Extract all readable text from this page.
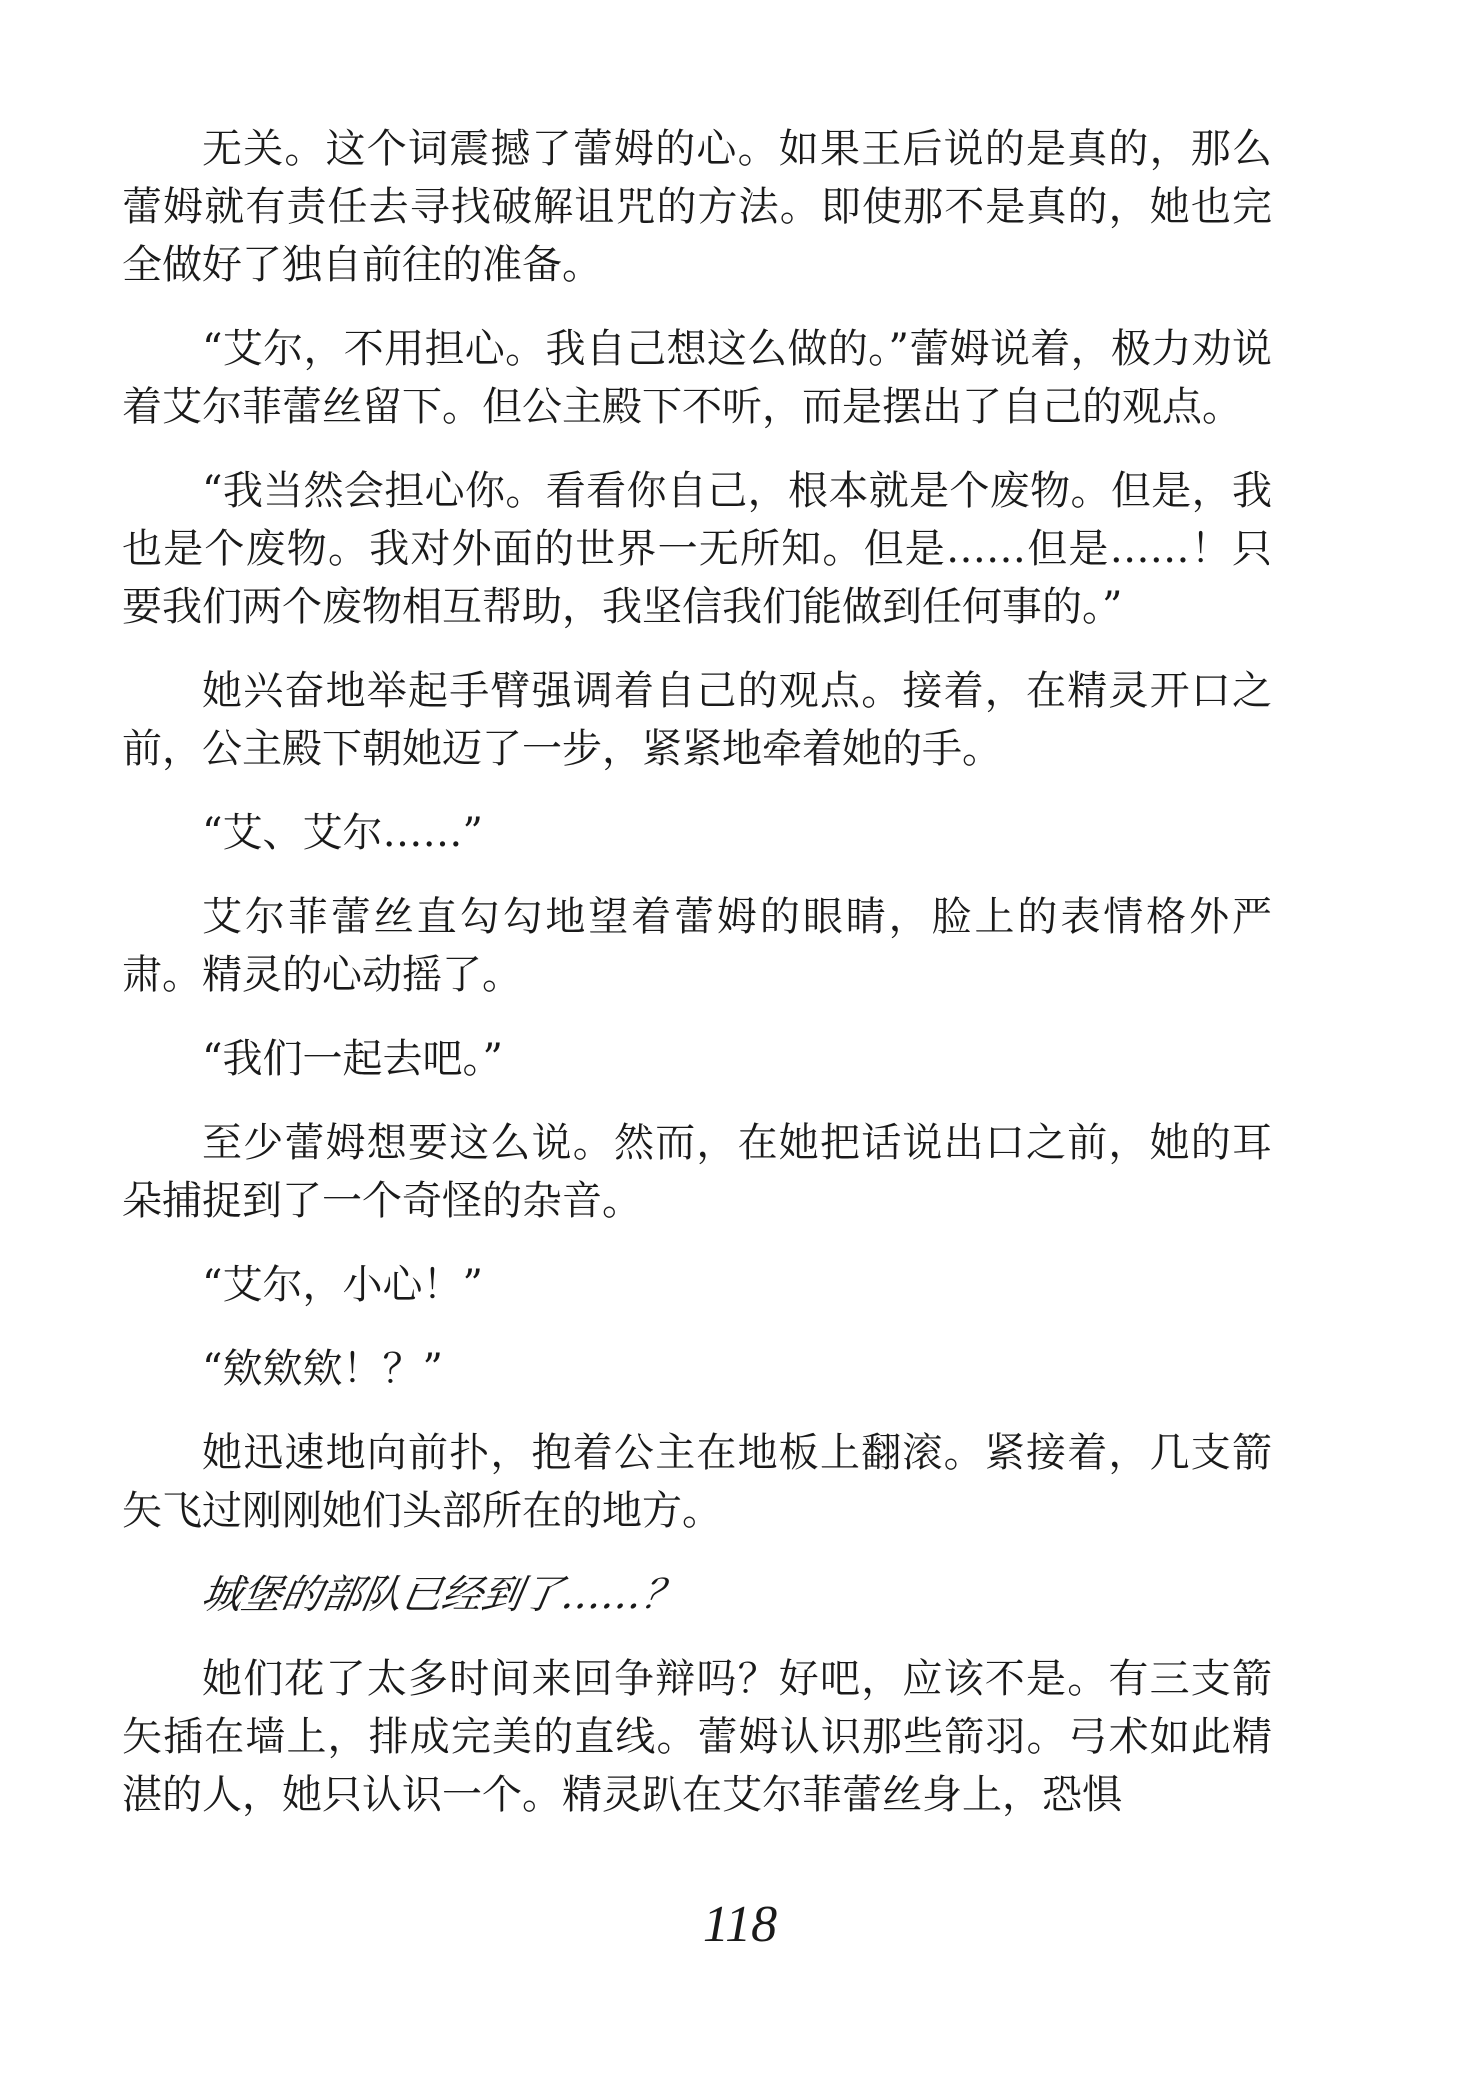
无关。这个词震撼了蕾姆的心。如果王后说的是真的，那么蕾姆就有责任去寻找破解诅咒的方法。即使那不是真的，她也完全做好了独自前往的准备。

“艾尔，不用担心。我自己想这么做的。”蕾姆说着，极力劝说着艾尔菲蕾丝留下。但公主殿下不听，而是摆出了自己的观点。

“我当然会担心你。看看你自己，根本就是个废物。但是，我也是个废物。我对外面的世界一无所知。但是……但是……！只要我们两个废物相互帮助，我坚信我们能做到任何事的。”

她兴奋地举起手臂强调着自己的观点。接着，在精灵开口之前，公主殿下朝她迈了一步，紧紧地牵着她的手。

“艾、艾尔……”

艾尔菲蕾丝直勾勾地望着蕾姆的眼睛，脸上的表情格外严肃。精灵的心动摇了。

“我们一起去吧。”

至少蕾姆想要这么说。然而，在她把话说出口之前，她的耳朵捕捉到了一个奇怪的杂音。

“艾尔，小心！”

“欸欸欸！？”

她迅速地向前扑，抱着公主在地板上翻滚。紧接着，几支箭矢飞过刚刚她们头部所在的地方。

城堡的部队已经到了……？

她们花了太多时间来回争辩吗？好吧，应该不是。有三支箭矢插在墙上，排成完美的直线。蕾姆认识那些箭羽。弓术如此精湛的人，她只认识一个。精灵趴在艾尔菲蕾丝身上，恐惧

118
